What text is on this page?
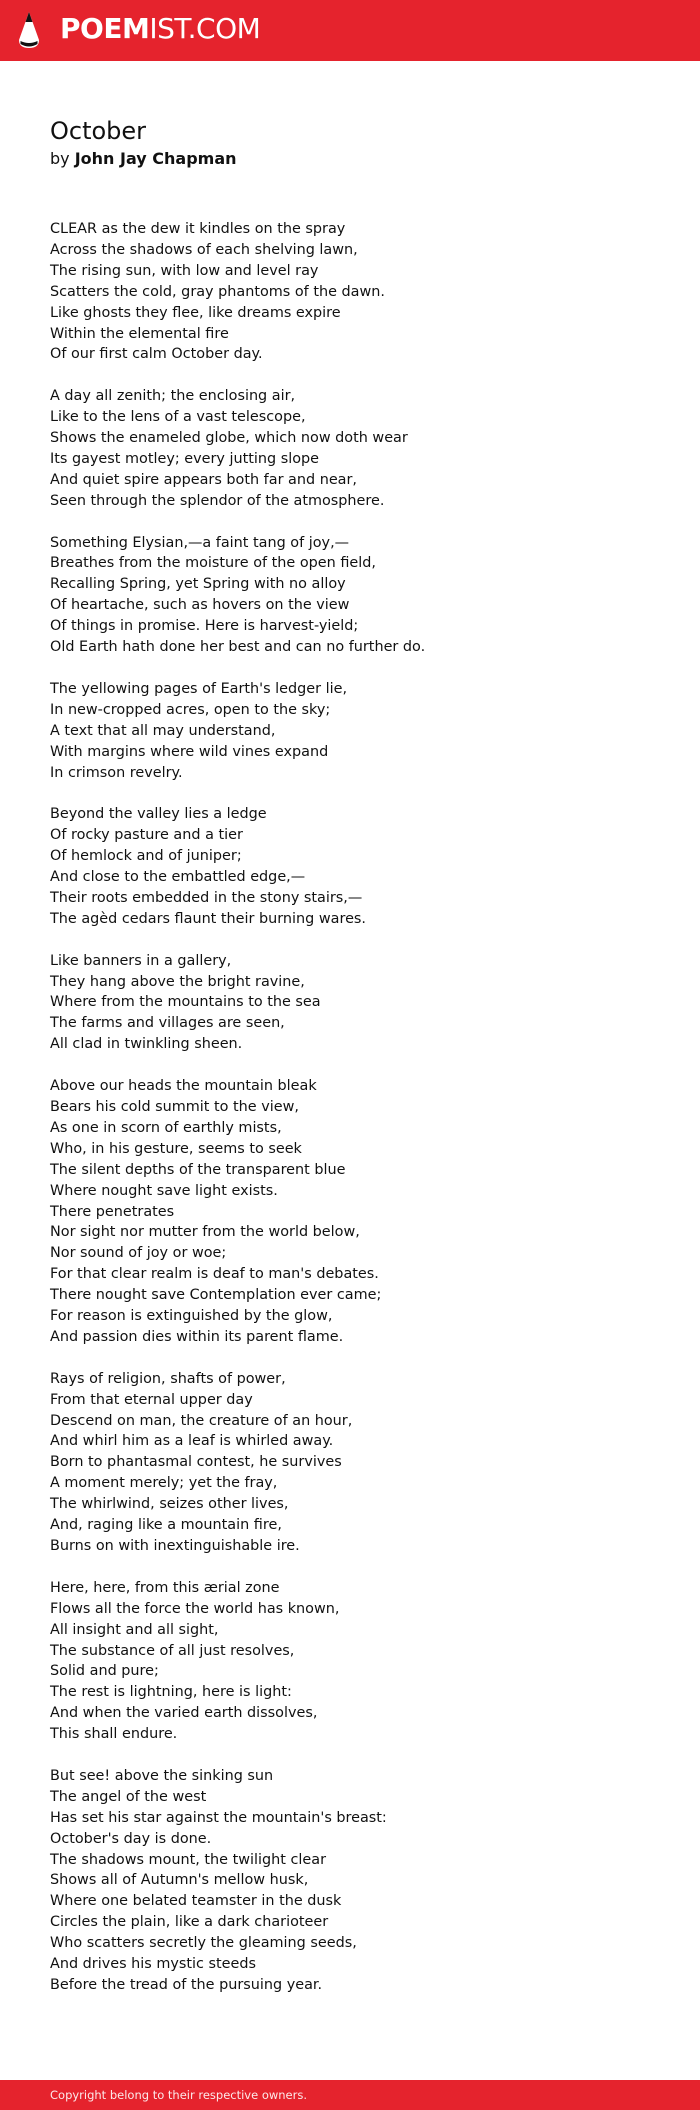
POEMIST.COM
October
by John Jay Chapman
CLEAR as the dew it kindles on the spray
Across the shadows of each shelving lawn,
The rising sun, with low and level ray
Scatters the cold, gray phantoms of the dawn.
Like ghosts they flee, like dreams expire
Within the elemental fire
Of our first calm October day.
A day all zenith; the enclosing air,
Like to the lens of a vast telescope,
Shows the enameled globe, which now doth wear
Its gayest motley; every jutting slope
And quiet spire appears both far and near,
Seen through the splendor of the atmosphere.
Something Elysian,—a faint tang of joy,—
Breathes from the moisture of the open field,
Recalling Spring, yet Spring with no alloy
Of heartache, such as hovers on the view
Of things in promise. Here is harvest-yield;
Old Earth hath done her best and can no further do.
The yellowing pages of Earth's ledger lie,
In new-cropped acres, open to the sky;
A text that all may understand,
With margins where wild vines expand
In crimson revelry.
Beyond the valley lies a ledge
Of rocky pasture and a tier
Of hemlock and of juniper;
And close to the embattled edge,—
Their roots embedded in the stony stairs,—
The agèd cedars flaunt their burning wares.
Like banners in a gallery,
They hang above the bright ravine,
Where from the mountains to the sea
The farms and villages are seen,
All clad in twinkling sheen.
Above our heads the mountain bleak
Bears his cold summit to the view,
As one in scorn of earthly mists,
Who, in his gesture, seems to seek
The silent depths of the transparent blue
Where nought save light exists.
There penetrates
Nor sight nor mutter from the world below,
Nor sound of joy or woe;
For that clear realm is deaf to man's debates.
There nought save Contemplation ever came;
For reason is extinguished by the glow,
And passion dies within its parent flame.
Rays of religion, shafts of power,
From that eternal upper day
Descend on man, the creature of an hour,
And whirl him as a leaf is whirled away.
Born to phantasmal contest, he survives
A moment merely; yet the fray,
The whirlwind, seizes other lives,
And, raging like a mountain fire,
Burns on with inextinguishable ire.
Here, here, from this ærial zone
Flows all the force the world has known,
All insight and all sight,
The substance of all just resolves,
Solid and pure;
The rest is lightning, here is light:
And when the varied earth dissolves,
This shall endure.
But see! above the sinking sun
The angel of the west
Has set his star against the mountain's breast:
October's day is done.
The shadows mount, the twilight clear
Shows all of Autumn's mellow husk,
Where one belated teamster in the dusk
Circles the plain, like a dark charioteer
Who scatters secretly the gleaming seeds,
And drives his mystic steeds
Before the tread of the pursuing year.
Copyright belong to their respective owners.
